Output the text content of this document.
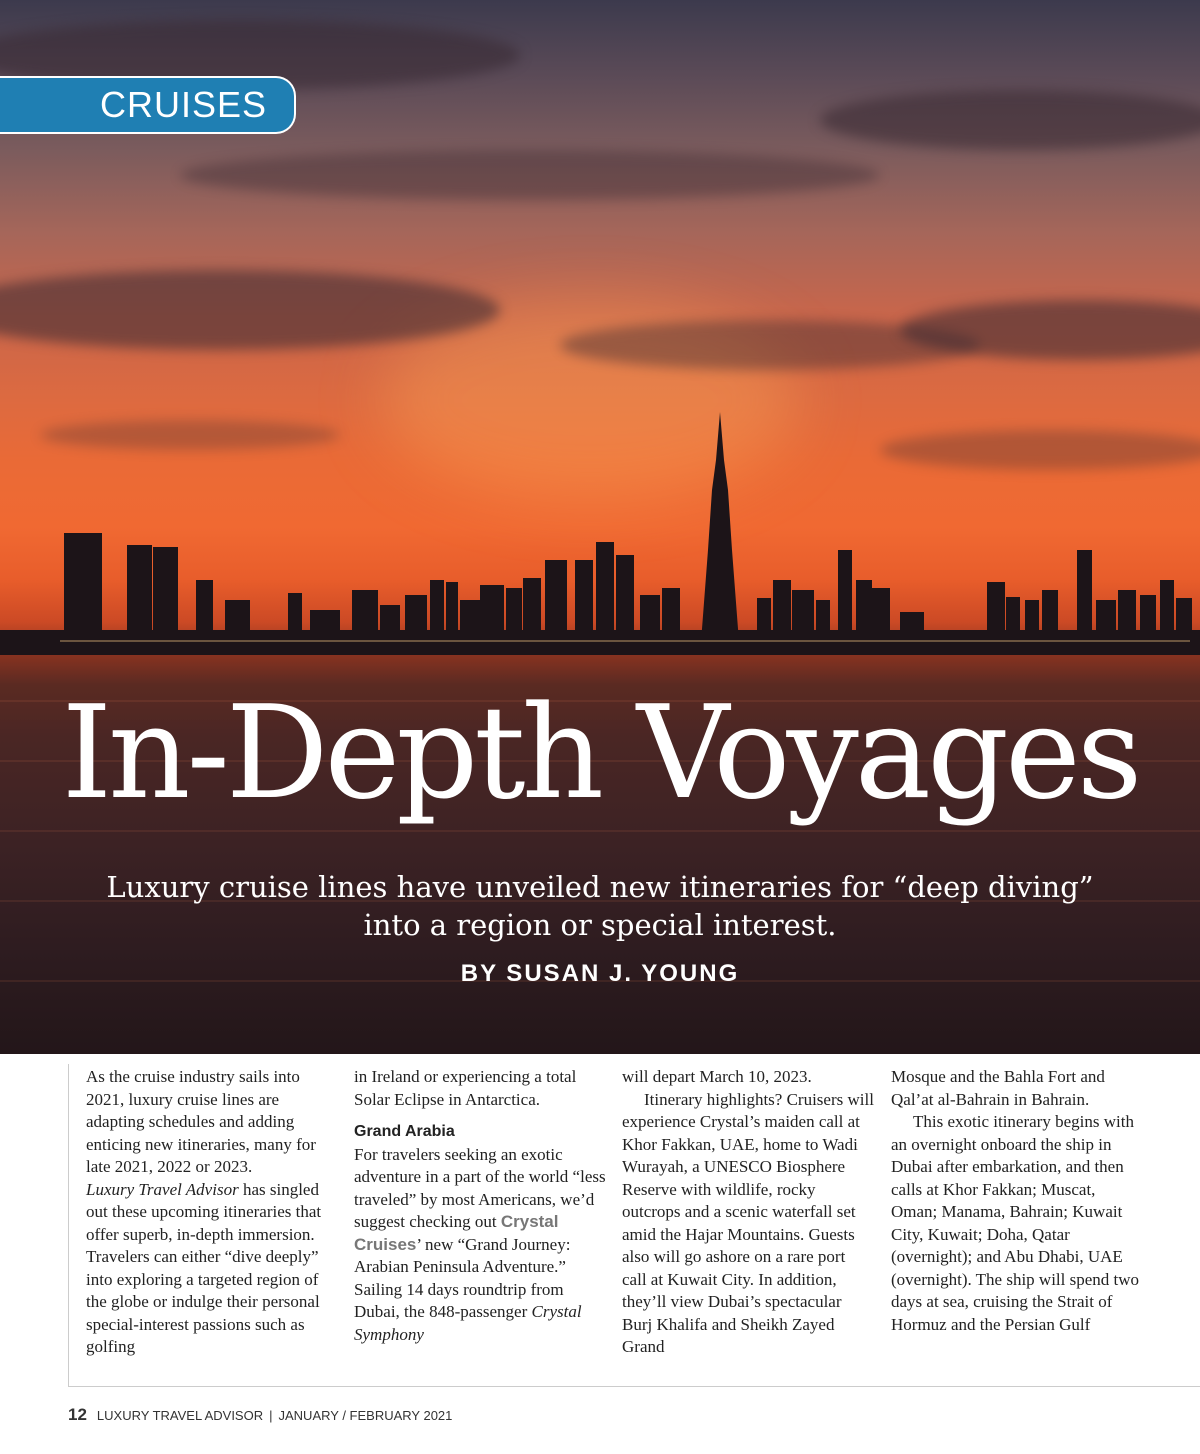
CRUISES
In-Depth Voyages
Luxury cruise lines have unveiled new itineraries for “deep diving”
into a region or special interest.
BY SUSAN J. YOUNG

As the cruise industry sails into 2021, luxury cruise lines are adapting schedules and adding enticing new itineraries, many for late 2021, 2022 or 2023.

Luxury Travel Advisor has singled out these upcoming itineraries that offer superb, in-depth immersion. Travelers can either “dive deeply” into exploring a targeted region of the globe or indulge their personal special-interest passions such as golfing

in Ireland or experiencing a total Solar Eclipse in Antarctica.

Grand Arabia

For travelers seeking an exotic adventure in a part of the world “less traveled” by most Americans, we’d suggest checking out Crystal Cruises’ new “Grand Journey: Arabian Peninsula Adventure.” Sailing 14 days roundtrip from Dubai, the 848-passenger Crystal Symphony

will depart March 10, 2023.

Itinerary highlights? Cruisers will experience Crystal’s maiden call at Khor Fakkan, UAE, home to Wadi Wurayah, a UNESCO Biosphere Reserve with wildlife, rocky outcrops and a scenic waterfall set amid the Hajar Mountains. Guests also will go ashore on a rare port call at Kuwait City. In addition, they’ll view Dubai’s spectacular Burj Khalifa and Sheikh Zayed Grand

Mosque and the Bahla Fort and Qal’at al-Bahrain in Bahrain.

This exotic itinerary begins with an overnight onboard the ship in Dubai after embarkation, and then calls at Khor Fakkan; Muscat, Oman; Manama, Bahrain; Kuwait City, Kuwait; Doha, Qatar (overnight); and Abu Dhabi, UAE (overnight). The ship will spend two days at sea, cruising the Strait of Hormuz and the Persian Gulf

12 LUXURY TRAVEL ADVISOR | JANUARY / FEBRUARY 2021
